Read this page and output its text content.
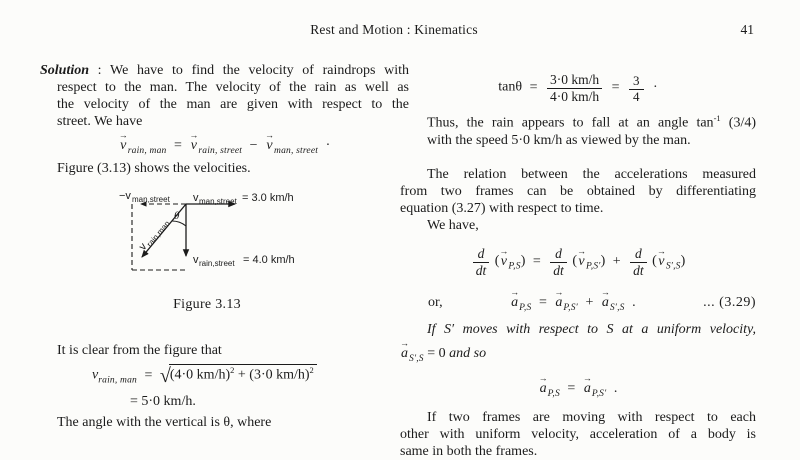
Rest and Motion : Kinematics	41
Solution : We have to find the velocity of raindrops with
respect to the man. The velocity of the rain as well as
the velocity of the man are given with respect to the
street. We have
→
v $_{rain, man}$ =
→
v $_{rain, street}$ −
→
v $_{man, street}$ ·
Figure (3.13) shows the velocities.
−v man,street v man,street = 3.0 km/h
v
rain,man
θ
v rain,street = 4.0 km/h
Figure 3.13
It is clear from the figure that
$v_{rain, man} = √(4\cdot 0$ km/h)$^2$ + (3·0 km/h)$^2$
= 5·0 km/h.
The angle with the vertical is θ, where
$\tan\theta = \frac{3\cdot 0 km/h}{4\cdot 0 km/h} = \frac{3}{4}$ ·
Thus, the rain appears to fall at an angle $\tan^{-1} (3/4)$
with the speed 5·0 km/h as viewed by the man.
The relation between the accelerations measured
from two frames can be obtained by differentiating
equation (3.27) with respect to time.
We have,
$\frac{d}{dt}$ (
→
v $_{P,S}) = \frac{d}{dt}$ (
→
v $_{P,S'}) + \frac{d}{dt}$ (
→
v $_{S',S}$)
or,
→
a $_{P,S}$ =
→
a $_{P,S'}$ +
→
a $_{S',S}$ .	... (3.29)
If S′ moves with respect to S at a uniform velocity,
→
a $_{S',S}$ = 0 and so
→
a $_{P,S}$ =
→
a $_{P,S'}$ .
If two frames are moving with respect to each
other with uniform velocity, acceleration of a body is
same in both the frames.
